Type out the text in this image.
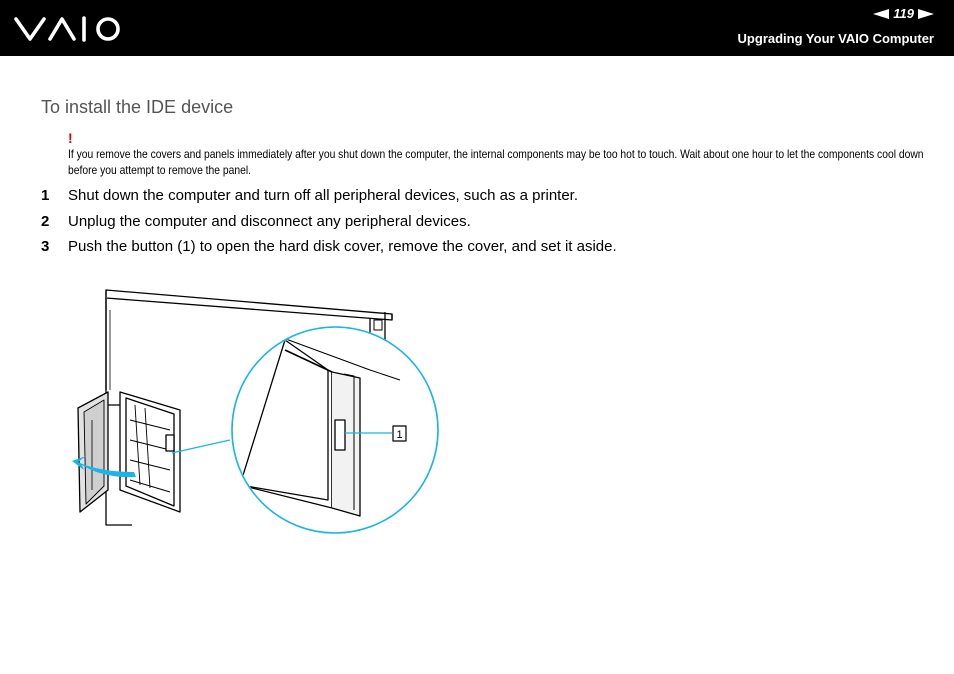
119
Upgrading Your VAIO Computer
To install the IDE device
!
If you remove the covers and panels immediately after you shut down the computer, the internal components may be too hot to touch. Wait about one hour to let the components cool down before you attempt to remove the panel.
1 Shut down the computer and turn off all peripheral devices, such as a printer.
2 Unplug the computer and disconnect any peripheral devices.
3 Push the button (1) to open the hard disk cover, remove the cover, and set it aside.
1
